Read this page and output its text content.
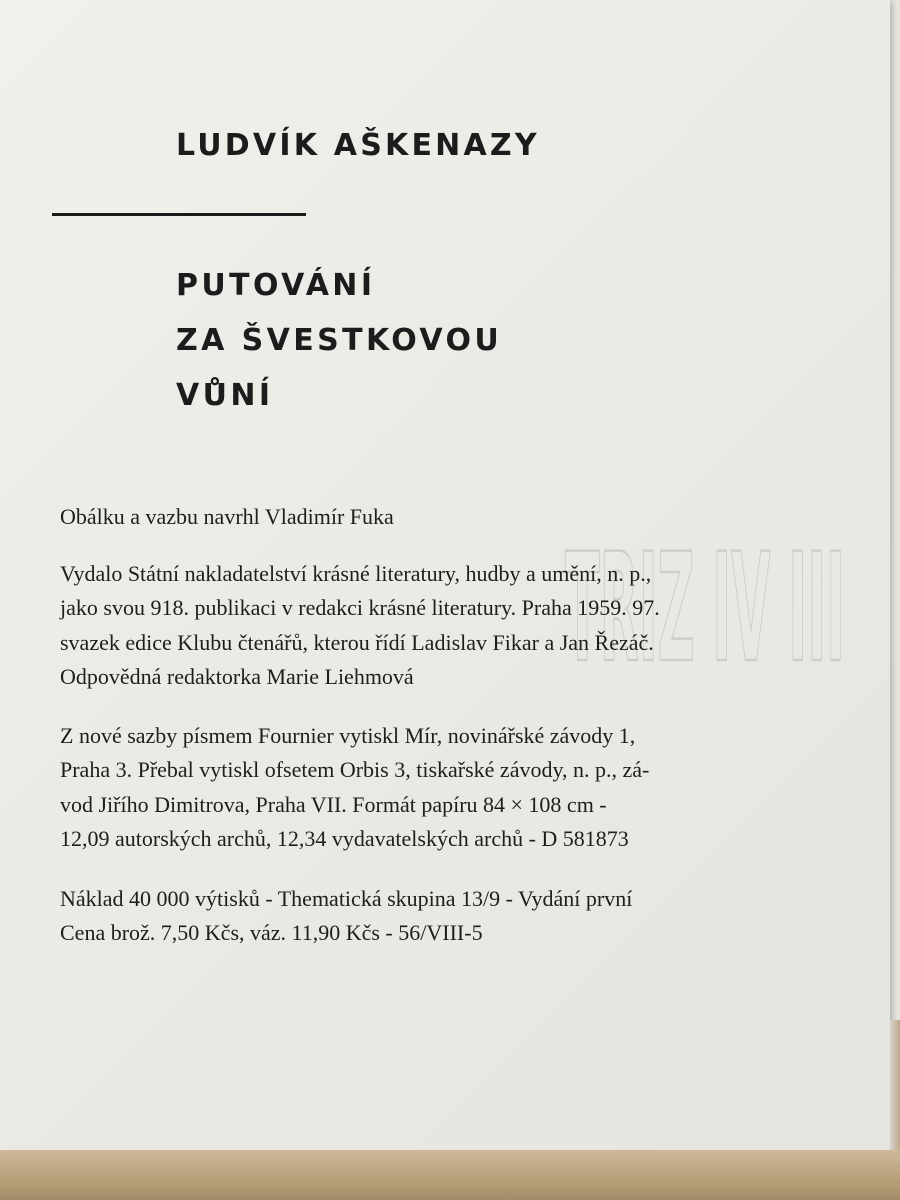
LUDVÍK AŠKENAZY
PUTOVÁNÍ
ZA ŠVESTKOVOU
VŮNÍ
TRIZ IV III

Obálku a vazbu navrhl Vladimír Fuka

Vydalo Státní nakladatelství krásné literatury, hudby a umění, n. p.,

jako svou 918. publikaci v redakci krásné literatury. Praha 1959. 97.

svazek edice Klubu čtenářů, kterou řídí Ladislav Fikar a Jan Řezáč.

Odpovědná redaktorka Marie Liehmová

Z nové sazby písmem Fournier vytiskl Mír, novinářské závody 1,

Praha 3. Přebal vytiskl ofsetem Orbis 3, tiskařské závody, n. p., zá-

vod Jiřího Dimitrova, Praha VII. Formát papíru 84 × 108 cm -

12,09 autorských archů, 12,34 vydavatelských archů - D 581873

Náklad 40 000 výtisků - Thematická skupina 13/9 - Vydání první

Cena brož. 7,50 Kčs, váz. 11,90 Kčs - 56/VIII-5
